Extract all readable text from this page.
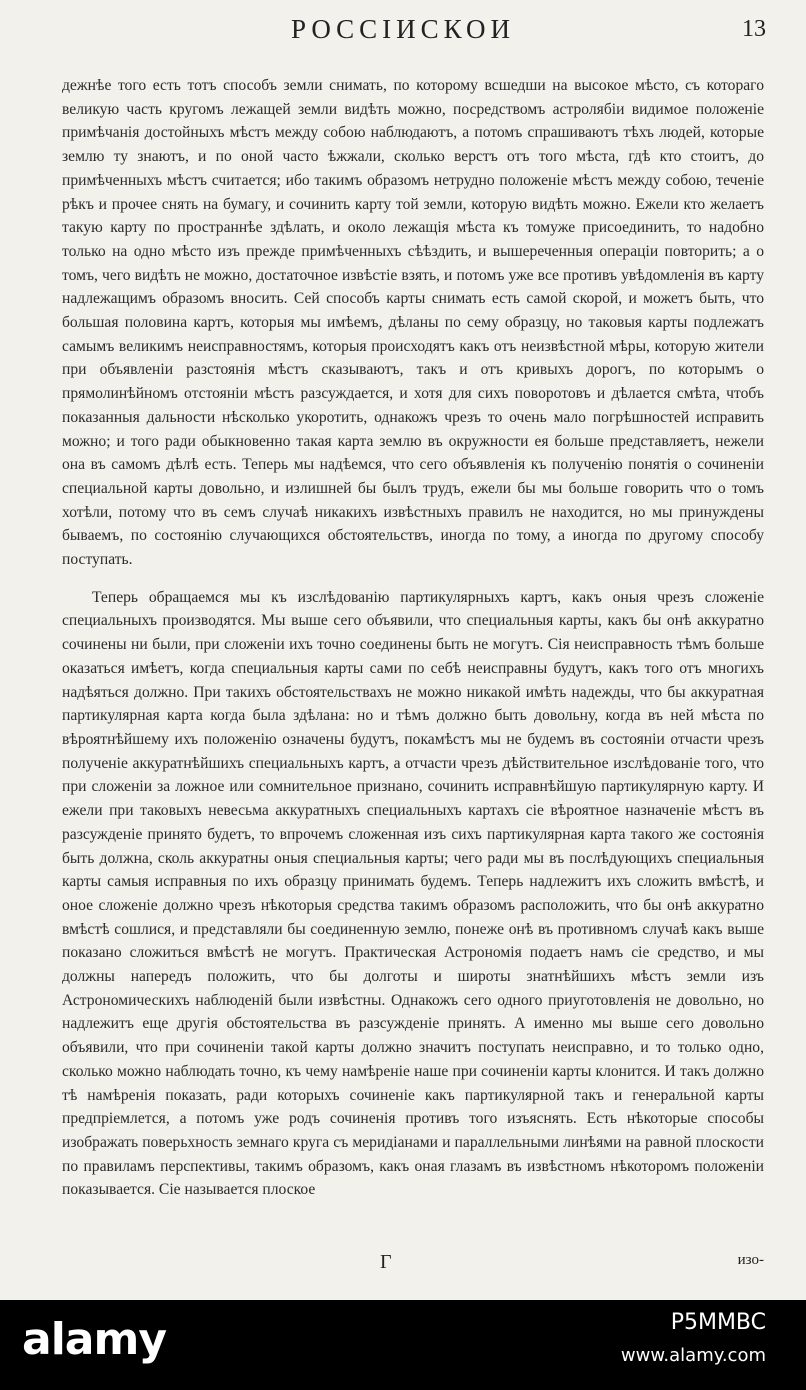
РОССIИСКОИ	13

дежнѣе того есть тотъ способъ земли снимать, по которому всшедши на высокое мѣсто, съ котораго великую часть кругомъ лежащей земли видѣть можно, посредствомъ астролябiи видимое положенiе примѣчанiя достойныхъ мѣстъ между собою наблюдаютъ, а потомъ спрашиваютъ тѣхъ людей, которые землю ту знаютъ, и по оной часто ѣжжали, сколько верстъ отъ того мѣста, гдѣ кто стоитъ, до примѣченныхъ мѣстъ считается; ибо такимъ образомъ нетрудно положенiе мѣстъ между собою, теченiе рѣкъ и прочее снять на бумагу, и сочинить карту той земли, которую видѣть можно. Ежели кто желаетъ такую карту по пространнѣе здѣлать, и около лежащiя мѣста къ томуже присоединить, то надобно только на одно мѣсто изъ прежде примѣченныхъ сѣѣздить, и вышереченныя операцiи повторить; а о томъ, чего видѣть не можно, достаточное извѣстiе взять, и потомъ уже все противъ увѣдомленiя въ карту надлежащимъ образомъ вносить. Сей способъ карты снимать есть самой скорой, и можетъ быть, что большая половина картъ, которыя мы имѣемъ, дѣланы по сему образцу, но таковыя карты подлежатъ самымъ великимъ неисправностямъ, которыя происходятъ какъ отъ неизвѣстной мѣры, которую жители при объявленiи разстоянiя мѣстъ сказываютъ, такъ и отъ кривыхъ дорогъ, по которымъ о прямолинѣйномъ отстоянiи мѣстъ разсуждается, и хотя для сихъ поворотовъ и дѣлается смѣта, чтобъ показанныя дальности нѣсколько укоротить, однакожъ чрезъ то очень мало погрѣшностей исправить можно; и того ради обыкновенно такая карта землю въ окружности ея больше представляетъ, нежели она въ самомъ дѣлѣ есть. Теперь мы надѣемся, что сего объявленiя къ полученiю понятiя о сочиненiи специальной карты довольно, и излишней бы былъ трудъ, ежели бы мы больше говорить что о томъ хотѣли, потому что въ семъ случаѣ никакихъ извѣстныхъ правилъ не находится, но мы принуждены бываемъ, по состоянiю случающихся обстоятельствъ, иногда по тому, а иногда по другому способу поступать.

Теперь обращаемся мы къ изслѣдованiю партикулярныхъ картъ, какъ оныя чрезъ сложенiе специальныхъ производятся. Мы выше сего объявили, что специальныя карты, какъ бы онѣ аккуратно сочинены ни были, при сложенiи ихъ точно соединены быть не могутъ. Сiя неисправность тѣмъ больше оказаться имѣетъ, когда специальныя карты сами по себѣ неисправны будутъ, какъ того отъ многихъ надѣяться должно. При такихъ обстоятельствахъ не можно никакой имѣть надежды, что бы аккуратная партикулярная карта когда была здѣлана: но и тѣмъ должно быть довольну, когда въ ней мѣста по вѣроятнѣйшему ихъ положенiю означены будутъ, покамѣстъ мы не будемъ въ состоянiи отчасти чрезъ полученiе аккуратнѣйшихъ специальныхъ картъ, а отчасти чрезъ дѣйствительное изслѣдованiе того, что при сложенiи за ложное или сомнительное признано, сочинить исправнѣйшую партикулярную карту. И ежели при таковыхъ невесьма аккуратныхъ специальныхъ картахъ сiе вѣроятное назначенiе мѣстъ въ разсужденiе принято будетъ, то впрочемъ сложенная изъ сихъ партикулярная карта такого же состоянiя быть должна, сколь аккуратны оныя специальныя карты; чего ради мы въ послѣдующихъ специальныя карты самыя исправныя по ихъ образцу принимать будемъ. Теперь надлежитъ ихъ сложить вмѣстѣ, и оное сложенiе должно чрезъ нѣкоторыя средства такимъ образомъ расположить, что бы онѣ аккуратно вмѣстѣ сошлися, и представляли бы соединенную землю, понеже онѣ въ противномъ случаѣ какъ выше показано сложиться вмѣстѣ не могутъ. Практическая Астрономiя подаетъ намъ сiе средство, и мы должны напередъ положить, что бы долготы и широты знатнѣйшихъ мѣстъ земли изъ Астрономическихъ наблюденiй были извѣстны. Однакожъ сего одного приуготовленiя не довольно, но надлежитъ еще другiя обстоятельства въ разсужденiе принять. А именно мы выше сего довольно объявили, что при сочиненiи такой карты должно значитъ поступать неисправно, и то только одно, сколько можно наблюдать точно, къ чему намѣренiе наше при сочиненiи карты клонится. И такъ должно тѣ намѣренiя показать, ради которыхъ сочиненiе какъ партикулярной такъ и генеральной карты предпрiемлется, а потомъ уже родъ сочиненiя противъ того изъяснять. Есть нѣкоторые способы изображать поверьхность земнаго круга съ меридiанами и параллельными линѣями на равной плоскости по правиламъ перспективы, такимъ образомъ, какъ оная глазамъ въ извѣстномъ нѣкоторомъ положенiи показывается. Сiе называется плоское

Г	изо-
alamy	P5MMBC
www.alamy.com
